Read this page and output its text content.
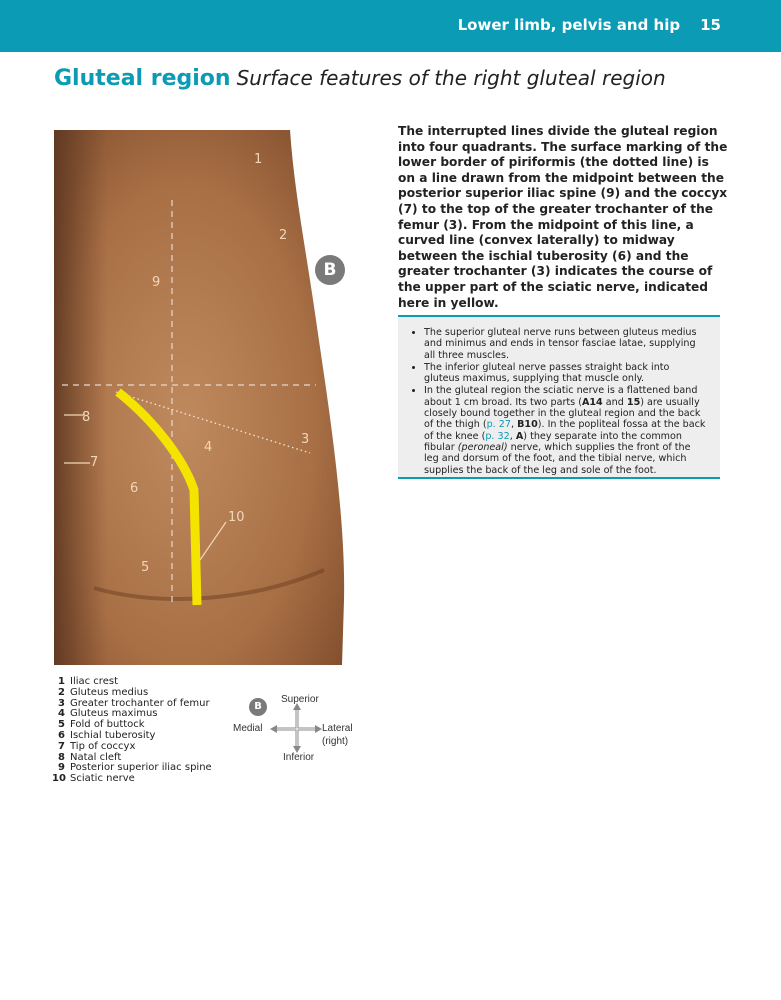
Lower limb, pelvis and hip 15
Gluteal region Surface features of the right gluteal region
1
2
3
4
5
6
7
8
9
10
B
The interrupted lines divide the gluteal region into four quadrants. The surface marking of the lower border of piriformis (the dotted line) is on a line drawn from the midpoint between the posterior superior iliac spine (9) and the coccyx (7) to the top of the greater trochanter of the femur (3). From the midpoint of this line, a curved line (convex laterally) to midway between the ischial tuberosity (6) and the greater trochanter (3) indicates the course of the upper part of the sciatic nerve, indicated here in yellow.
• The superior gluteal nerve runs between gluteus medius and minimus and ends in tensor fasciae latae, supplying all three muscles.
• The inferior gluteal nerve passes straight back into gluteus maximus, supplying that muscle only.
• In the gluteal region the sciatic nerve is a flattened band about 1 cm broad. Its two parts (A14 and 15) are usually closely bound together in the gluteal region and the back of the thigh (p. 27, B10). In the popliteal fossa at the back of the knee (p. 32, A) they separate into the common fibular (peroneal) nerve, which supplies the front of the leg and dorsum of the foot, and the tibial nerve, which supplies the back of the leg and sole of the foot.
1 Iliac crest
2 Gluteus medius
3 Greater trochanter of femur
4 Gluteus maximus
5 Fold of buttock
6 Ischial tuberosity
7 Tip of coccyx
8 Natal cleft
9 Posterior superior iliac spine
10 Sciatic nerve
B
Superior
Inferior
Medial	Lateral
(right)
